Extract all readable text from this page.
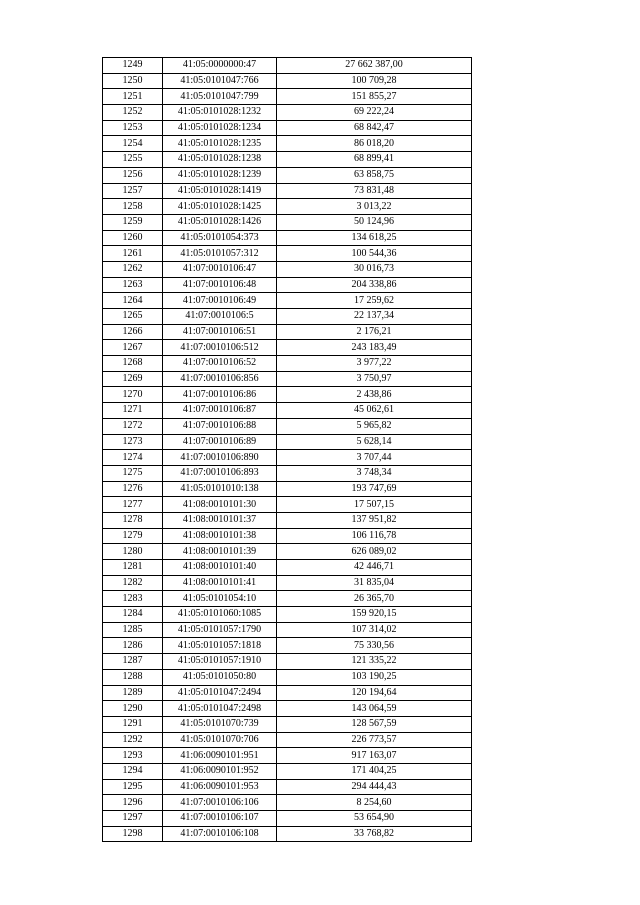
1249	41:05:0000000:47	27 662 387,00
1250	41:05:0101047:766	100 709,28
1251	41:05:0101047:799	151 855,27
1252	41:05:0101028:1232	69 222,24
1253	41:05:0101028:1234	68 842,47
1254	41:05:0101028:1235	86 018,20
1255	41:05:0101028:1238	68 899,41
1256	41:05:0101028:1239	63 858,75
1257	41:05:0101028:1419	73 831,48
1258	41:05:0101028:1425	3 013,22
1259	41:05:0101028:1426	50 124,96
1260	41:05:0101054:373	134 618,25
1261	41:05:0101057:312	100 544,36
1262	41:07:0010106:47	30 016,73
1263	41:07:0010106:48	204 338,86
1264	41:07:0010106:49	17 259,62
1265	41:07:0010106:5	22 137,34
1266	41:07:0010106:51	2 176,21
1267	41:07:0010106:512	243 183,49
1268	41:07:0010106:52	3 977,22
1269	41:07:0010106:856	3 750,97
1270	41:07:0010106:86	2 438,86
1271	41:07:0010106:87	45 062,61
1272	41:07:0010106:88	5 965,82
1273	41:07:0010106:89	5 628,14
1274	41:07:0010106:890	3 707,44
1275	41:07:0010106:893	3 748,34
1276	41:05:0101010:138	193 747,69
1277	41:08:0010101:30	17 507,15
1278	41:08:0010101:37	137 951,82
1279	41:08:0010101:38	106 116,78
1280	41:08:0010101:39	626 089,02
1281	41:08:0010101:40	42 446,71
1282	41:08:0010101:41	31 835,04
1283	41:05:0101054:10	26 365,70
1284	41:05:0101060:1085	159 920,15
1285	41:05:0101057:1790	107 314,02
1286	41:05:0101057:1818	75 330,56
1287	41:05:0101057:1910	121 335,22
1288	41:05:0101050:80	103 190,25
1289	41:05:0101047:2494	120 194,64
1290	41:05:0101047:2498	143 064,59
1291	41:05:0101070:739	128 567,59
1292	41:05:0101070:706	226 773,57
1293	41:06:0090101:951	917 163,07
1294	41:06:0090101:952	171 404,25
1295	41:06:0090101:953	294 444,43
1296	41:07:0010106:106	8 254,60
1297	41:07:0010106:107	53 654,90
1298	41:07:0010106:108	33 768,82
